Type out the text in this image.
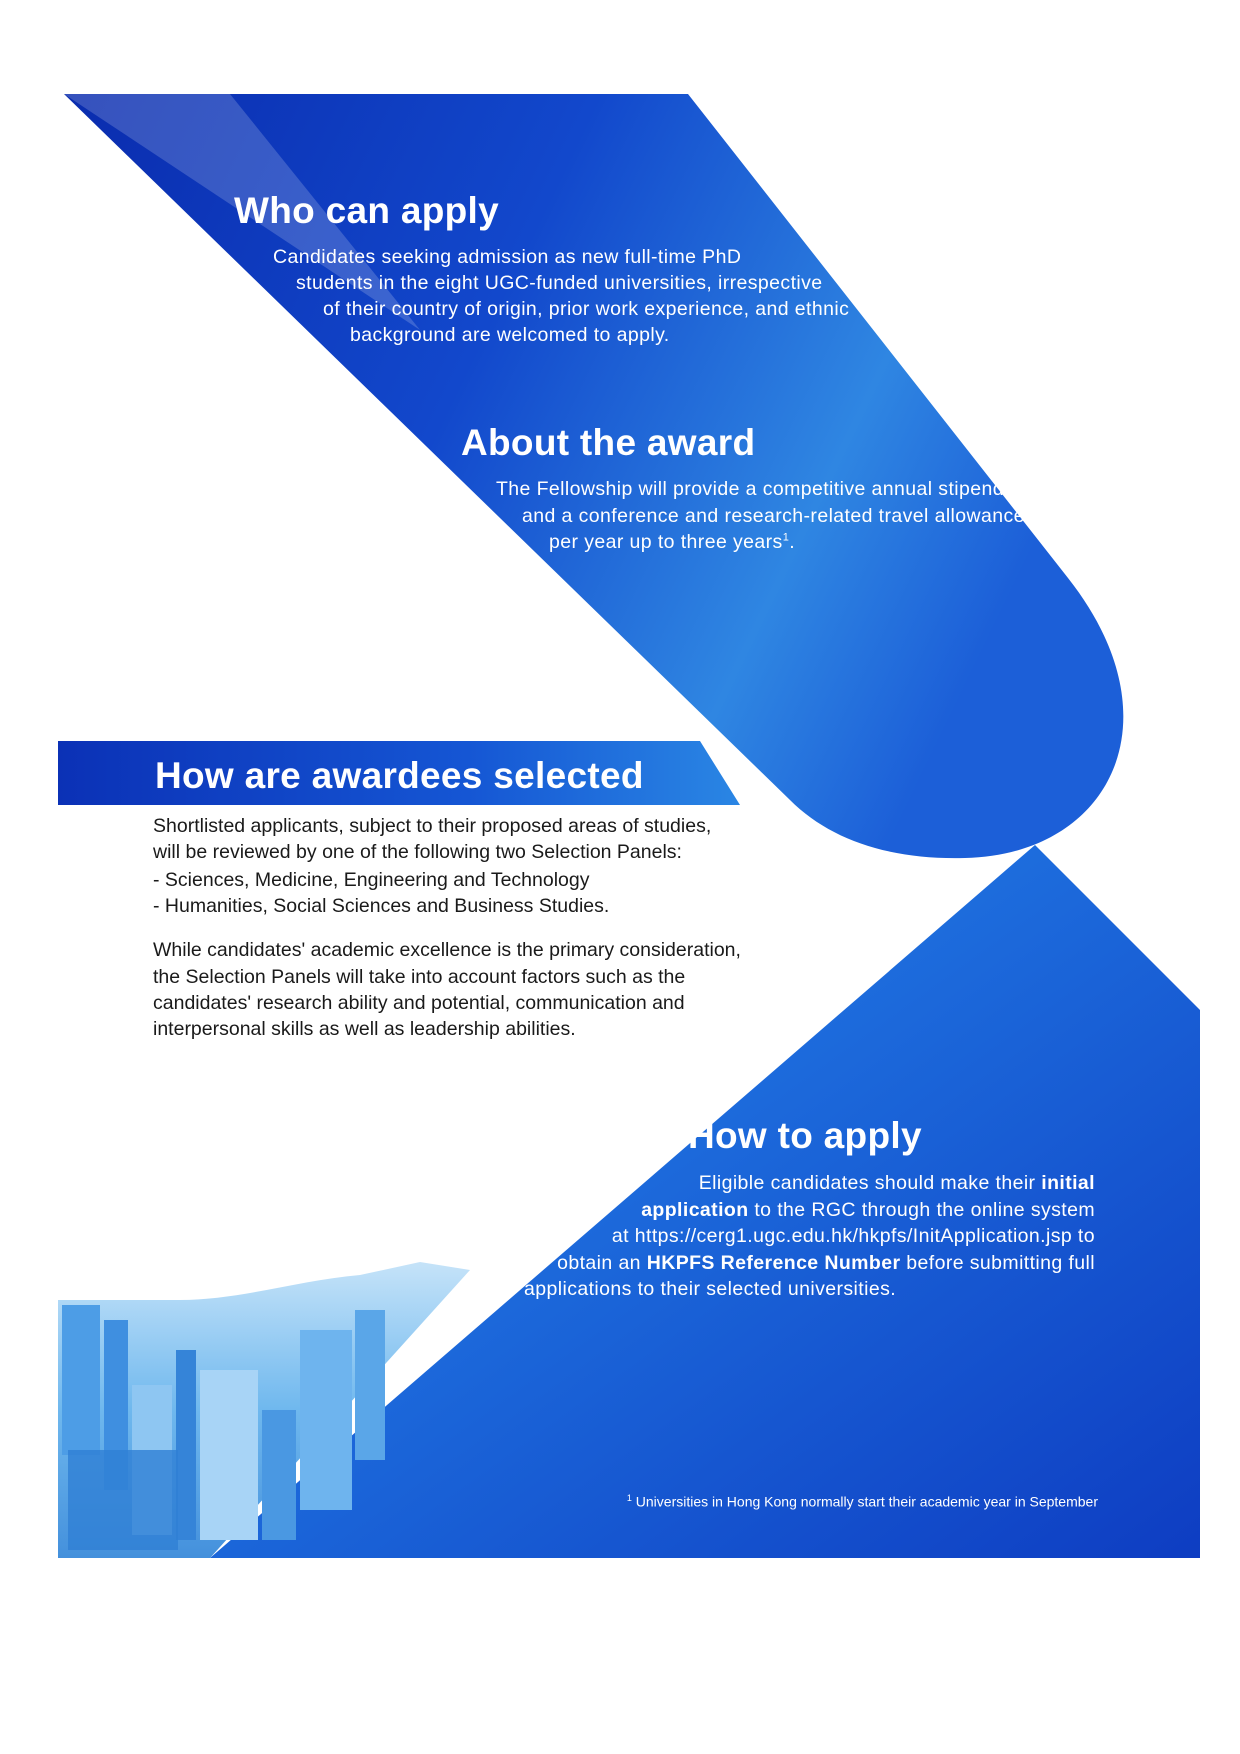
Who can apply
Candidates seeking admission as new full-time PhD
students in the eight UGC-funded universities, irrespective
of their country of origin, prior work experience, and ethnic
background are welcomed to apply.
About the award
The Fellowship will provide a competitive annual stipend
and a conference and research-related travel allowance
per year up to three years$^1$.
How are awardees selected
Shortlisted applicants, subject to their proposed areas of studies,
will be reviewed by one of the following two Selection Panels:
- Sciences, Medicine, Engineering and Technology
- Humanities, Social Sciences and Business Studies.
While candidates' academic excellence is the primary consideration,
the Selection Panels will take into account factors such as the
candidates' research ability and potential, communication and
interpersonal skills as well as leadership abilities.
How to apply
Eligible candidates should make their initial
application to the RGC through the online system
at https://cerg1.ugc.edu.hk/hkpfs/InitApplication.jsp to
obtain an HKPFS Reference Number before submitting full
applications to their selected universities.
$^1$ Universities in Hong Kong normally start their academic year in September
